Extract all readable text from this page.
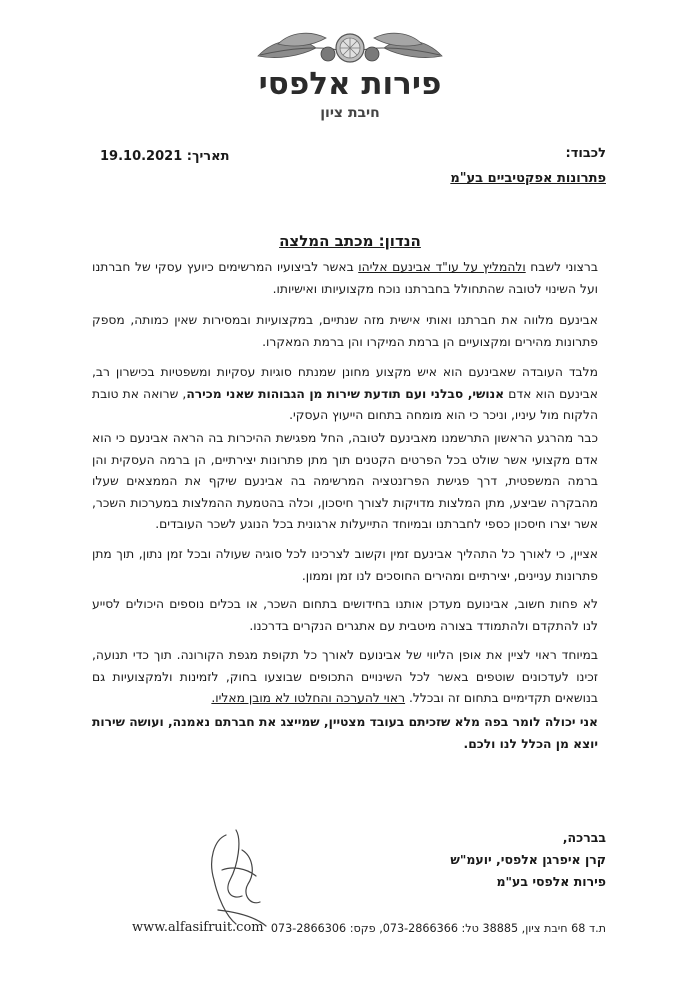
פירות אלפסי
חיבת ציון
לכבוד:
פתרונות אפקטיביים בע"מ
תאריך: 19.10.2021
הנדון: מכתב המלצה
ברצוני לשבח ולהמליץ על עו"ד אבינעם אליהו באשר לביצועיו המרשימים כיועץ עסקי של חברתנו ועל השינוי לטובה שהתחולל בחברתנו נוכח מקצועיותו ואישיותו.
אבינעם מלווה את חברתנו ואותי אישית מזה שנתיים, במקצועיות ובמסירות שאין כמותה, מספק פתרונות מהירים ומקצועיים הן ברמת המיקרו והן ברמת המאקרו.
מלבד העובדה שאבינעם הוא איש מקצוע מחונן שמנתח סוגיות עסקיות ומשפטיות בכישרון רב, אבינעם הוא אדם אנושי, סבלני ועם תודעת שירות מן הגבוהות שאני מכירה, שרואה את טובת הלקוח מול עיניו, וניכר כי הוא מומחה בתחום הייעוץ העסקי.
כבר מהרגע הראשון התרשמנו מאבינעם לטובה, החל מפגישת ההיכרות בה הראה אבינעם כי הוא אדם מקצועי אשר שולט בכל הפרטים הקטנים תוך מתן פתרונות יצירתיים, הן ברמה העסקית והן ברמה המשפטית, דרך פגישת הפרזנטציה המרשימה בה אבינעם שיקף את הממצאים שעלו מהבקרה שביצע, מתן המלצות מדויקות לצורך חיסכון, וכלה בהטמעת ההמלצות במערכות השכר, אשר יצרו חיסכון כספי לחברתנו ובמיוחד התייעלות ארגונית בכל הנוגע לשכר העובדים.
אציין, כי לאורך כל התהליך אבינעם זמין וקשוב לצרכינו לכל סוגיה שעולה ובכל זמן נתון, תוך מתן פתרונות עניינים, יצירתיים ומהירים החוסכים לנו זמן וממון.
לא פחות חשוב, אבינועם מעדכן אותנו בחידושים בתחום השכר, או בכלים נוספים היכולים לסייע לנו להתקדם ולהתמודד בצורה מיטבית עם אתגרים הנקרים בדרכנו.
במיוחד ראוי לציין את אופן הליווי של אבינועם לאורך כל תקופת מגפת הקורונה. תוך כדי תנועה, זכינו לעדכונים שוטפים באשר לכל השינויים התכופים שבוצעו בחוק, לזמינות ולמקצועיות גם בנושאים תקדימיים בתחום זה ובכלל. ראוי להערכה והחלטו לא מובן מאליו.
אני יכולה לומר בפה מלא שזכיתם בעובד מצטיין, שמייצג את חברתם נאמנה, ועושה שירות יוצא מן הכלל לנו ולכם.
בברכה,
קרן איפרגן אלפסי, יועמ"ש
פירות אלפסי בע"מ
www.alfasifruit.com ת.ד 68 חיבת ציון, 38885 טל: 073-2866366, פקס: 073-2866306
